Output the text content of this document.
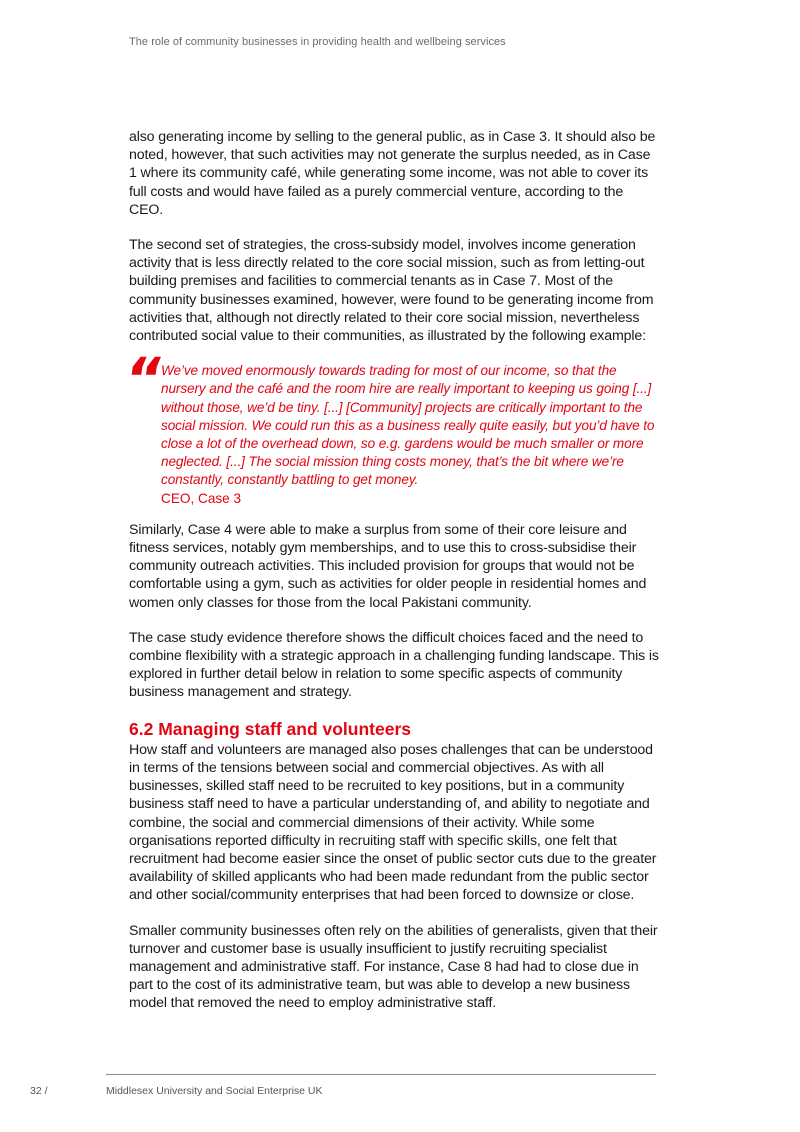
The role of community businesses in providing health and wellbeing services

also generating income by selling to the general public, as in Case 3. It should also be noted, however, that such activities may not generate the surplus needed, as in Case 1 where its community café, while generating some income, was not able to cover its full costs and would have failed as a purely commercial venture, according to the CEO.

The second set of strategies, the cross-subsidy model, involves income generation activity that is less directly related to the core social mission, such as from letting-out building premises and facilities to commercial tenants as in Case 7. Most of the community businesses examined, however, were found to be generating income from activities that, although not directly related to their core social mission, nevertheless contributed social value to their communities, as illustrated by the following example:

“

We’ve moved enormously towards trading for most of our income, so that the nursery and the café and the room hire are really important to keeping us going [...] without those, we’d be tiny. [...] [Community] projects are critically important to the social mission. We could run this as a business really quite easily, but you’d have to close a lot of the overhead down, so e.g. gardens would be much smaller or more neglected. [...] The social mission thing costs money, that’s the bit where we’re constantly, constantly battling to get money.

CEO, Case 3

Similarly, Case 4 were able to make a surplus from some of their core leisure and fitness services, notably gym memberships, and to use this to cross-subsidise their community outreach activities. This included provision for groups that would not be comfortable using a gym, such as activities for older people in residential homes and women only classes for those from the local Pakistani community.

The case study evidence therefore shows the difficult choices faced and the need to combine flexibility with a strategic approach in a challenging funding landscape. This is explored in further detail below in relation to some specific aspects of community business management and strategy.

6.2 Managing staff and volunteers

How staff and volunteers are managed also poses challenges that can be understood in terms of the tensions between social and commercial objectives. As with all businesses, skilled staff need to be recruited to key positions, but in a community business staff need to have a particular understanding of, and ability to negotiate and combine, the social and commercial dimensions of their activity. While some organisations reported difficulty in recruiting staff with specific skills, one felt that recruitment had become easier since the onset of public sector cuts due to the greater availability of skilled applicants who had been made redundant from the public sector and other social/community enterprises that had been forced to downsize or close.

Smaller community businesses often rely on the abilities of generalists, given that their turnover and customer base is usually insufficient to justify recruiting specialist management and administrative staff. For instance, Case 8 had had to close due in part to the cost of its administrative team, but was able to develop a new business model that removed the need to employ administrative staff.

32 /	Middlesex University and Social Enterprise UK
